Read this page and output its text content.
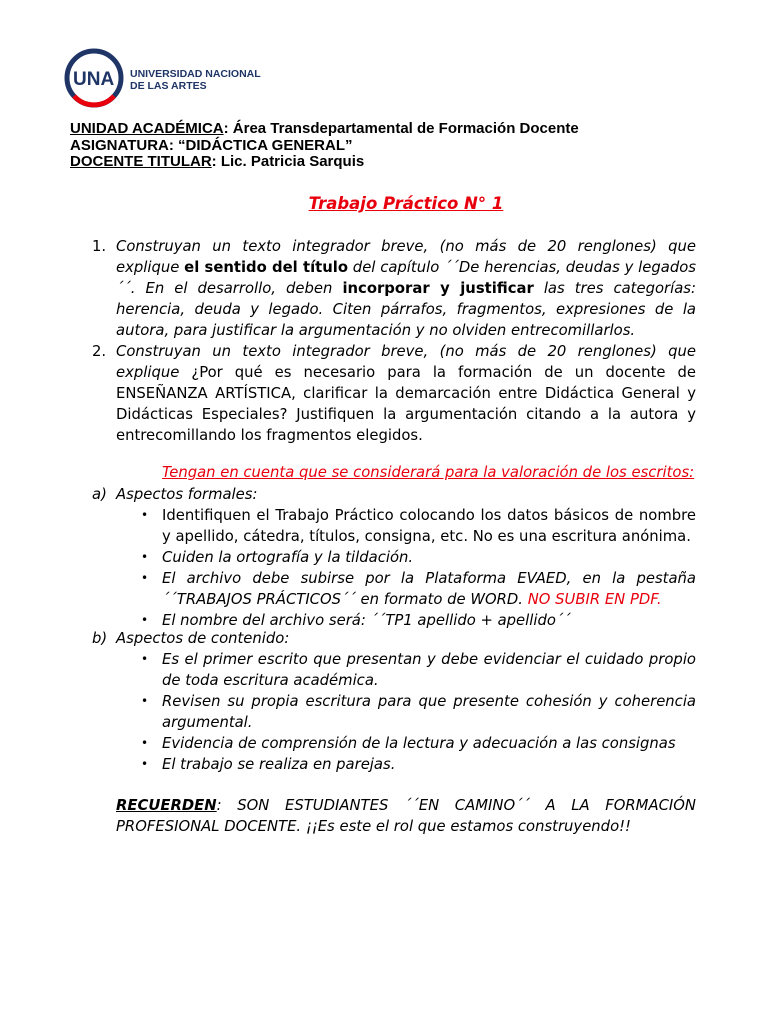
UNA UNIVERSIDAD NACIONAL
DE LAS ARTES
UNIDAD ACADÉMICA: Área Transdepartamental de Formación Docente
ASIGNATURA: “DIDÁCTICA GENERAL”
DOCENTE TITULAR: Lic. Patricia Sarquis
Trabajo Práctico N° 1
1. Construyan un texto integrador breve, (no más de 20 renglones) que explique el sentido del título del capítulo ´´De herencias, deudas y legados´´. En el desarrollo, deben incorporar y justificar las tres categorías: herencia, deuda y legado. Citen párrafos, fragmentos, expresiones de la autora, para justificar la argumentación y no olviden entrecomillarlos.
2. Construyan un texto integrador breve, (no más de 20 renglones) que explique ¿Por qué es necesario para la formación de un docente de ENSEÑANZA ARTÍSTICA, clarificar la demarcación entre Didáctica General y Didácticas Especiales? Justifiquen la argumentación citando a la autora y entrecomillando los fragmentos elegidos.
Tengan en cuenta que se considerará para la valoración de los escritos:
a) Aspectos formales:
• Identifiquen el Trabajo Práctico colocando los datos básicos de nombre y apellido, cátedra, títulos, consigna, etc. No es una escritura anónima.
• Cuiden la ortografía y la tildación.
• El archivo debe subirse por la Plataforma EVAED, en la pestaña ´´TRABAJOS PRÁCTICOS´´ en formato de WORD. NO SUBIR EN PDF.
• El nombre del archivo será: ´´TP1 apellido + apellido´´
b) Aspectos de contenido:
• Es el primer escrito que presentan y debe evidenciar el cuidado propio de toda escritura académica.
• Revisen su propia escritura para que presente cohesión y coherencia argumental.
• Evidencia de comprensión de la lectura y adecuación a las consignas
• El trabajo se realiza en parejas.
RECUERDEN: SON ESTUDIANTES ´´EN CAMINO´´ A LA FORMACIÓN PROFESIONAL DOCENTE. ¡¡Es este el rol que estamos construyendo!!
